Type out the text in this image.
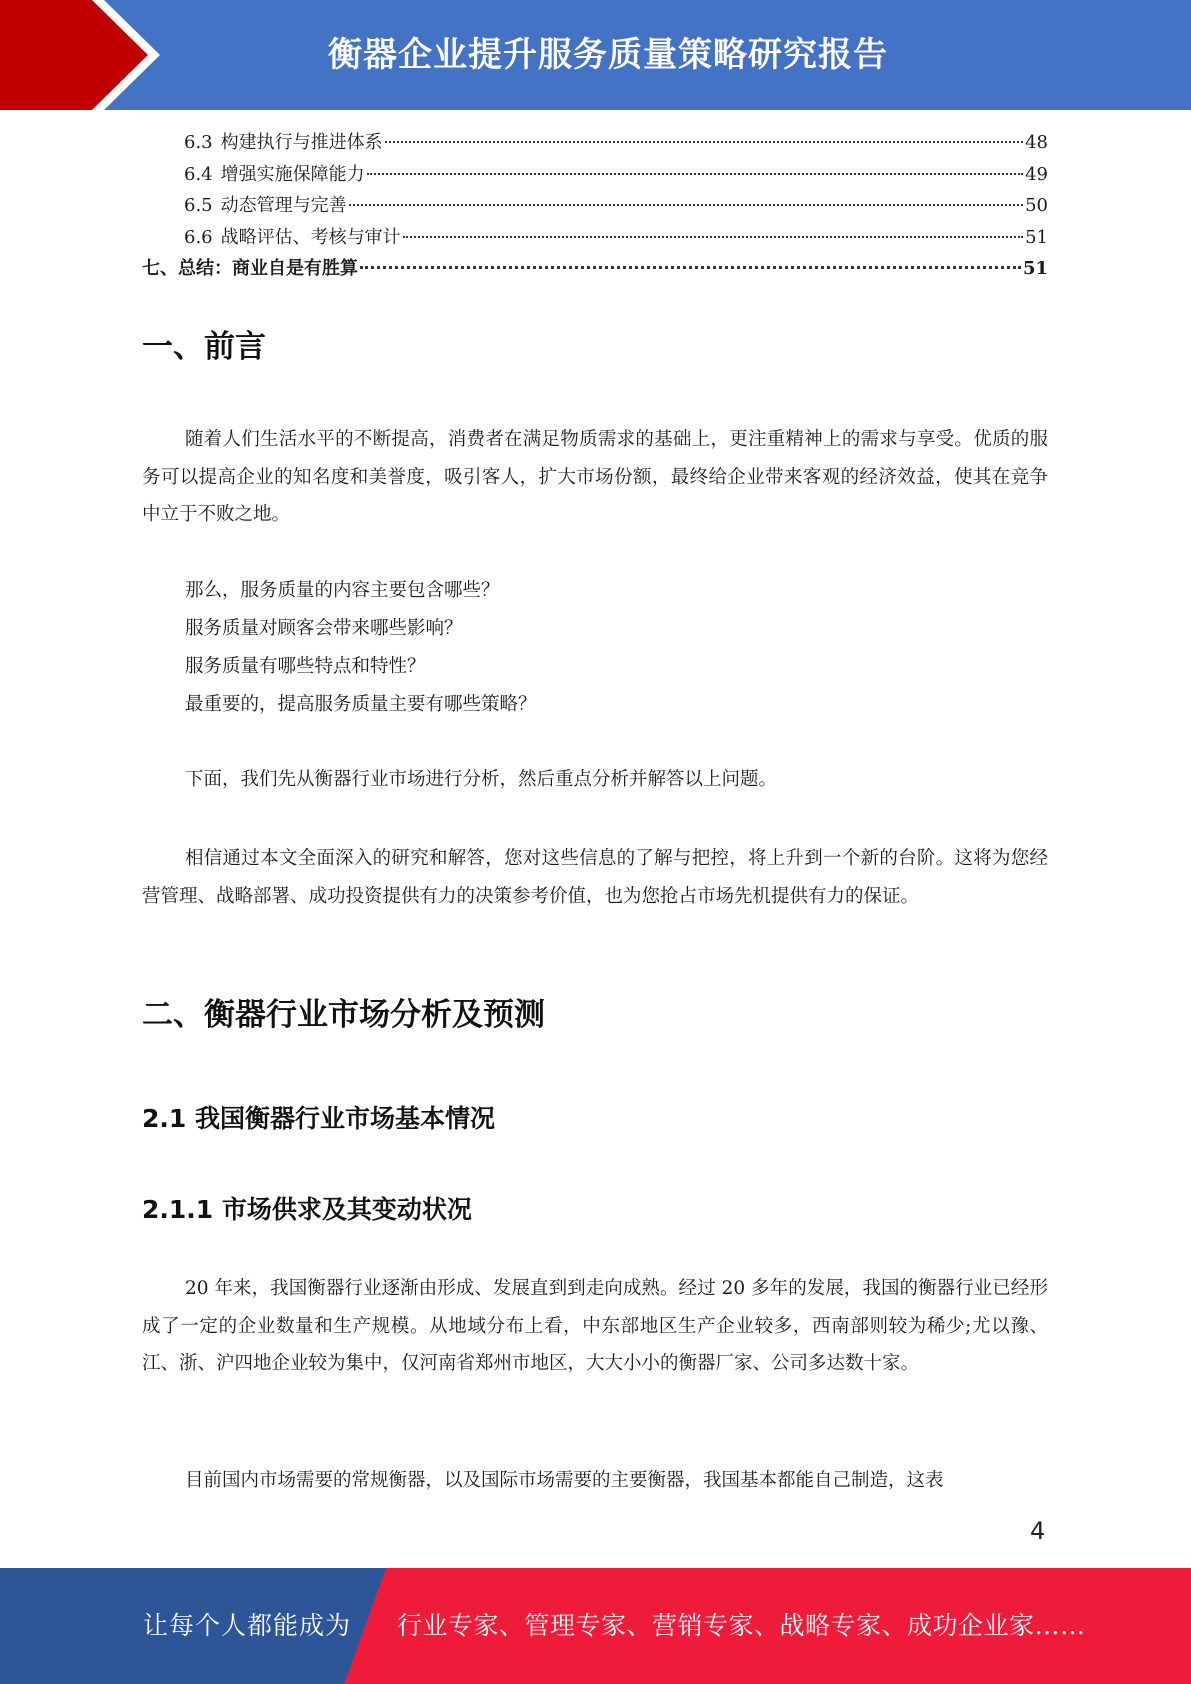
衡器企业提升服务质量策略研究报告
6.3 构建执行与推进体系	48
6.4 增强实施保障能力	49
6.5 动态管理与完善	50
6.6 战略评估、考核与审计	51
七、总结：商业自是有胜算	51
一、前言
随着人们生活水平的不断提高，消费者在满足物质需求的基础上，更注重精神上的需求与享受。优质的服务可以提高企业的知名度和美誉度，吸引客人，扩大市场份额，最终给企业带来客观的经济效益，使其在竞争中立于不败之地。
那么，服务质量的内容主要包含哪些？
服务质量对顾客会带来哪些影响？
服务质量有哪些特点和特性？
最重要的，提高服务质量主要有哪些策略？
下面，我们先从衡器行业市场进行分析，然后重点分析并解答以上问题。
相信通过本文全面深入的研究和解答，您对这些信息的了解与把控，将上升到一个新的台阶。这将为您经营管理、战略部署、成功投资提供有力的决策参考价值，也为您抢占市场先机提供有力的保证。
二、衡器行业市场分析及预测
2.1 我国衡器行业市场基本情况
2.1.1 市场供求及其变动状况
20 年来，我国衡器行业逐渐由形成、发展直到到走向成熟。经过 20 多年的发展，我国的衡器行业已经形成了一定的企业数量和生产规模。从地域分布上看，中东部地区生产企业较多，西南部则较为稀少;尤以豫、江、浙、沪四地企业较为集中，仅河南省郑州市地区，大大小小的衡器厂家、公司多达数十家。
目前国内市场需要的常规衡器，以及国际市场需要的主要衡器，我国基本都能自己制造，这表
4
让每个人都能成为 行业专家、管理专家、营销专家、战略专家、成功企业家……
